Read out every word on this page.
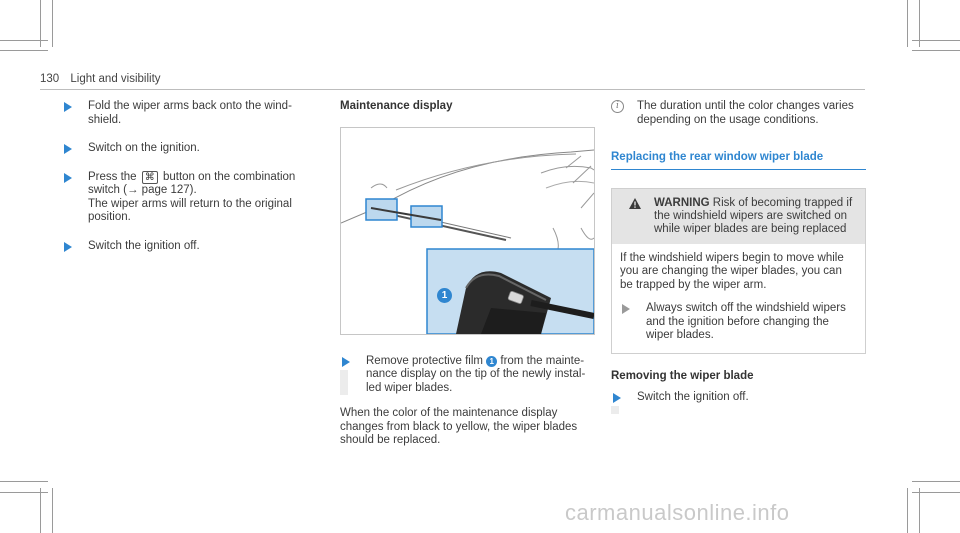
130 Light and visibility
Fold the wiper arms back onto the wind-shield.
Switch on the ignition.
Press the ⌘ button on the combination switch (→ page 127).
The wiper arms will return to the original position.
Switch the ignition off.
Maintenance display
1
Remove protective film 1 from the mainte-nance display on the tip of the newly instal-led wiper blades.
When the color of the maintenance display changes from black to yellow, the wiper blades should be replaced.
i	The duration until the color changes varies depending on the usage conditions.
Replacing the rear window wiper blade
WARNING Risk of becoming trapped if the windshield wipers are switched on while wiper blades are being replaced
If the windshield wipers begin to move while you are changing the wiper blades, you can be trapped by the wiper arm.
Always switch off the windshield wipers and the ignition before changing the wiper blades.
Removing the wiper blade
Switch the ignition off.
carmanualsonline.info
